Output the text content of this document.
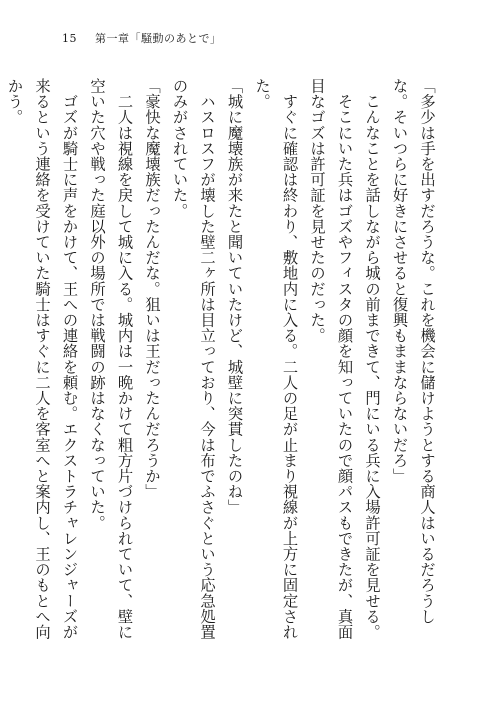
15 第一章「騒動のあとで」

「多少は手を出すだろうな。これを機会に儲けようとする商人はいるだろうしな。そいつらに好きにさせると復興もままならないだろ」

　こんなことを話しながら城の前まできて、門にいる兵に入場許可証を見せる。

　そこにいた兵はゴズやフィスタの顔を知っていたので顔パスもできたが、真面目なゴズは許可証を見せたのだった。

　すぐに確認は終わり、敷地内に入る。二人の足が止まり視線が上方に固定された。

「城に魔壊族が来たと聞いていたけど、城壁に突貫したのね」

　ハスロスフが壊した壁二ヶ所は目立っており、今は布でふさぐという応急処置のみがされていた。

「豪快な魔壊族だったんだな。狙いは王だったんだろうか」

　二人は視線を戻して城に入る。城内は一晩かけて粗方片づけられていて、壁に空いた穴や戦った庭以外の場所では戦闘の跡はなくなっていた。

　ゴズが騎士に声をかけて、王への連絡を頼む。エクストラチャレンジャーズが来るという連絡を受けていた騎士はすぐに二人を客室へと案内し、王のもとへ向かう。
